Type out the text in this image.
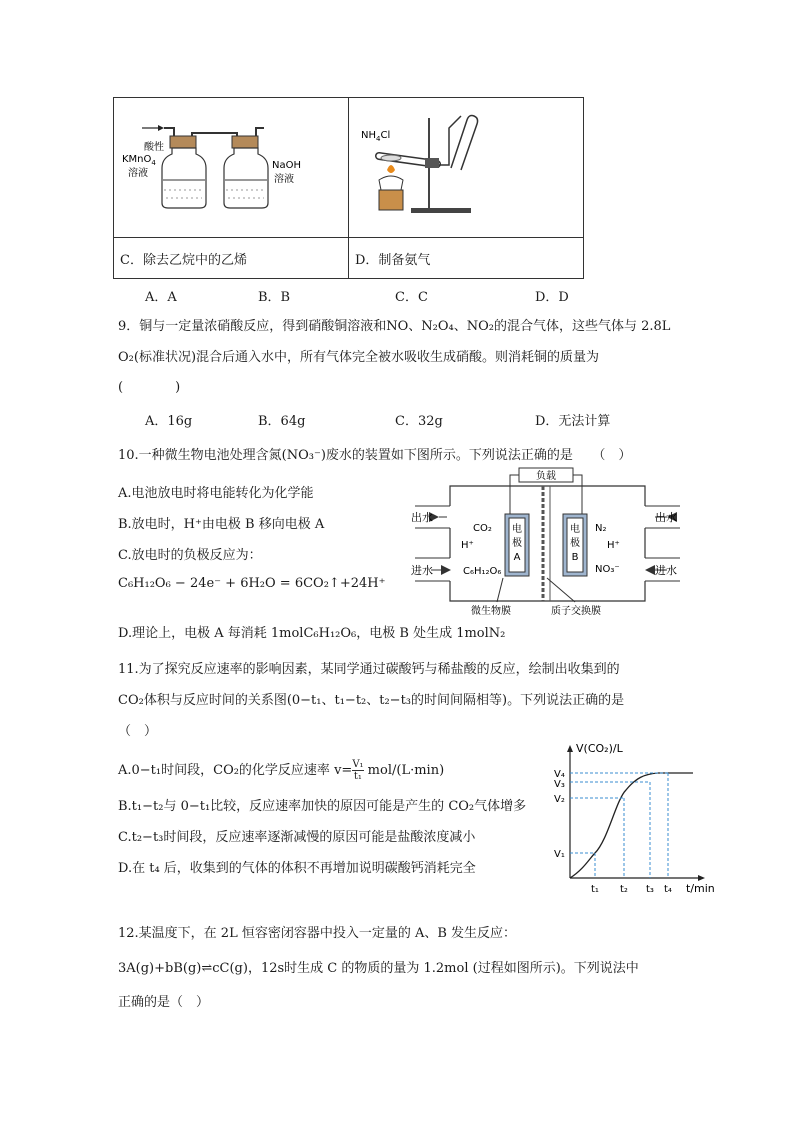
酸性
KMnO$_4$
溶液
NaOH
溶液	$NH_4Cl$

C．除去乙烷中的乙烯	D．制备氨气
A．A	B．B	C．C	D．D
9．铜与一定量浓硝酸反应，得到硝酸铜溶液和NO、N₂O₄、NO₂的混合气体，这些气体与 2.8L
O₂(标准状况)混合后通入水中，所有气体完全被水吸收生成硝酸。则消耗铜的质量为
(　　　　)
A．16g	B．64g	C．32g	D．无法计算
10.一种微生物电池处理含氮(NO₃⁻)废水的装置如下图所示。下列说法正确的是　　（　）
A.电池放电时将电能转化为化学能
B.放电时，H⁺由电极 B 移向电极 A
C.放电时的负极反应为：
C₆H₁₂O₆ − 24e⁻ + 6H₂O = 6CO₂↑+24H⁺
D.理论上，电极 A 每消耗 1molC₆H₁₂O₆，电极 B 处生成 1molN₂
负载
出水
进水
出水
进水
电
极
A
电
极
B
CO₂
H⁺
C₆H₁₂O₆
N₂
H⁺
NO₃⁻
微生物膜	质子交换膜
11.为了探究反应速率的影响因素，某同学通过碳酸钙与稀盐酸的反应，绘制出收集到的
CO₂体积与反应时间的关系图(0−t₁、t₁−t₂、t₂−t₃的时间间隔相等)。下列说法正确的是
（　）
A.0−t₁时间段，CO₂的化学反应速率 $v= \frac{\text{V₁}}{\text{t₁}} mol/(L\cdot\min)$
B.t₁−t₂与 0−t₁比较，反应速率加快的原因可能是产生的 CO₂气体增多
C.t₂−t₃时间段，反应速率逐渐减慢的原因可能是盐酸浓度减小
D.在 t₄ 后，收集到的气体的体积不再增加说明碳酸钙消耗完全
V(CO₂)/L
t/min
V₄
V₃
V₂
V₁
t₁ t₂ t₃ t₄
12.某温度下，在 2L 恒容密闭容器中投入一定量的 A、B 发生反应：
3A(g)+bB(g)⇌cC(g)，12s时生成 C 的物质的量为 1.2mol (过程如图所示)。下列说法中
正确的是（　）
